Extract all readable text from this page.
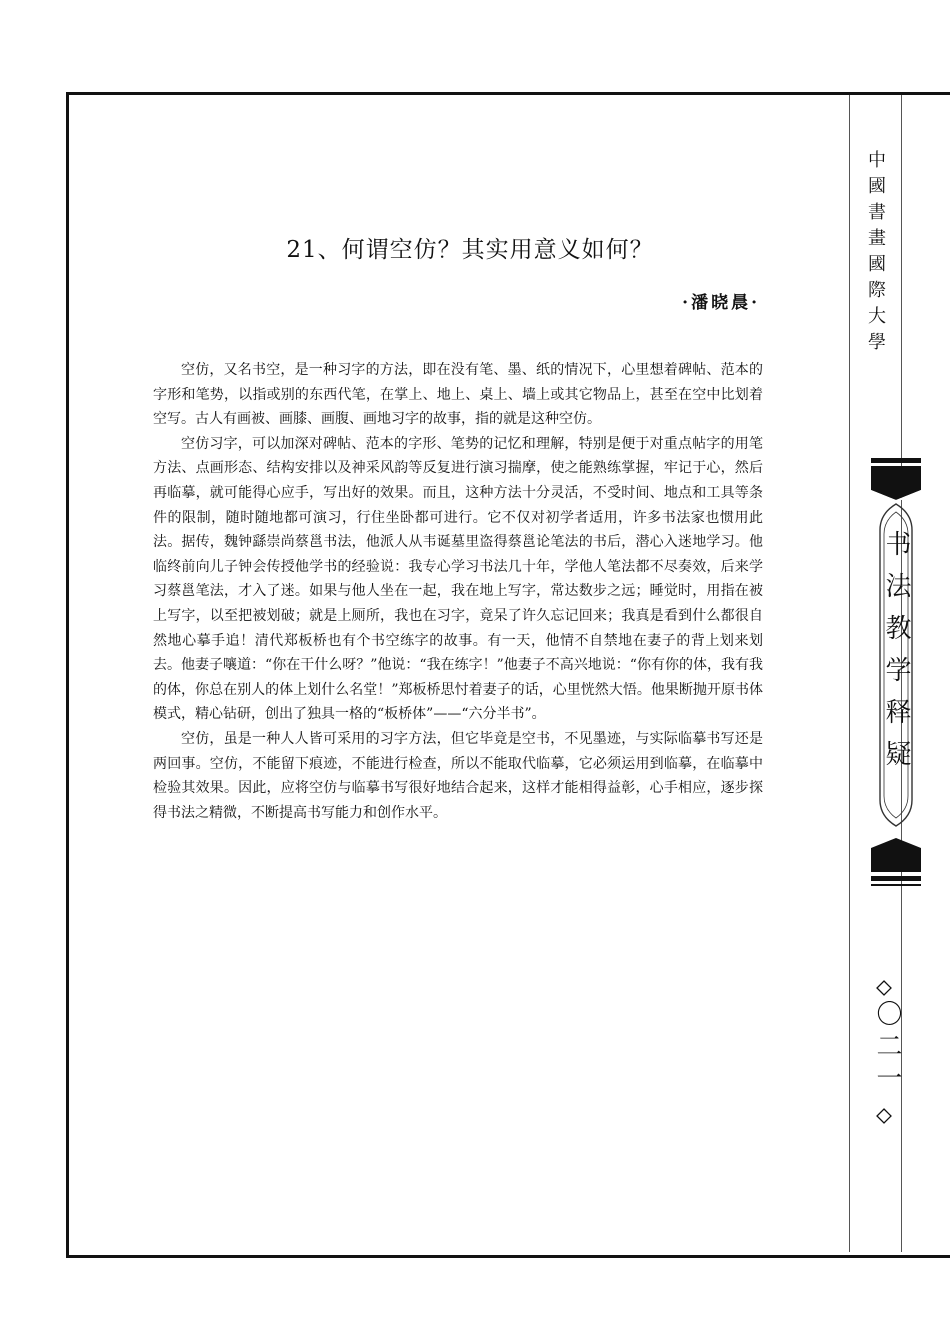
21、何谓空仿？其实用意义如何？
·潘晓晨·

空仿，又名书空，是一种习字的方法，即在没有笔、墨、纸的情况下，心里想着碑帖、范本的字形和笔势，以指或别的东西代笔，在掌上、地上、桌上、墙上或其它物品上，甚至在空中比划着空写。古人有画被、画膝、画腹、画地习字的故事，指的就是这种空仿。

空仿习字，可以加深对碑帖、范本的字形、笔势的记忆和理解，特别是便于对重点帖字的用笔方法、点画形态、结构安排以及神采风韵等反复进行演习揣摩，使之能熟练掌握，牢记于心，然后再临摹，就可能得心应手，写出好的效果。而且，这种方法十分灵活，不受时间、地点和工具等条件的限制，随时随地都可演习，行住坐卧都可进行。它不仅对初学者适用，许多书法家也惯用此法。据传，魏钟繇崇尚蔡邕书法，他派人从韦诞墓里盗得蔡邕论笔法的书后，潜心入迷地学习。他临终前向儿子钟会传授他学书的经验说：我专心学习书法几十年，学他人笔法都不尽奏效，后来学习蔡邕笔法，才入了迷。如果与他人坐在一起，我在地上写字，常达数步之远；睡觉时，用指在被上写字，以至把被划破；就是上厕所，我也在习字，竟呆了许久忘记回来；我真是看到什么都很自然地心摹手追！清代郑板桥也有个书空练字的故事。有一天，他情不自禁地在妻子的背上划来划去。他妻子嚷道：“你在干什么呀？”他说：“我在练字！”他妻子不高兴地说：“你有你的体，我有我的体，你总在别人的体上划什么名堂！”郑板桥思忖着妻子的话，心里恍然大悟。他果断抛开原书体模式，精心钻研，创出了独具一格的“板桥体”——“六分半书”。

空仿，虽是一种人人皆可采用的习字方法，但它毕竟是空书，不见墨迹，与实际临摹书写还是两回事。空仿，不能留下痕迹，不能进行检查，所以不能取代临摹，它必须运用到临摹，在临摹中检验其效果。因此，应将空仿与临摹书写很好地结合起来，这样才能相得益彰，心手相应，逐步探得书法之精微，不断提高书写能力和创作水平。

中國書畫國際大學
书法教学释疑
〇二一
